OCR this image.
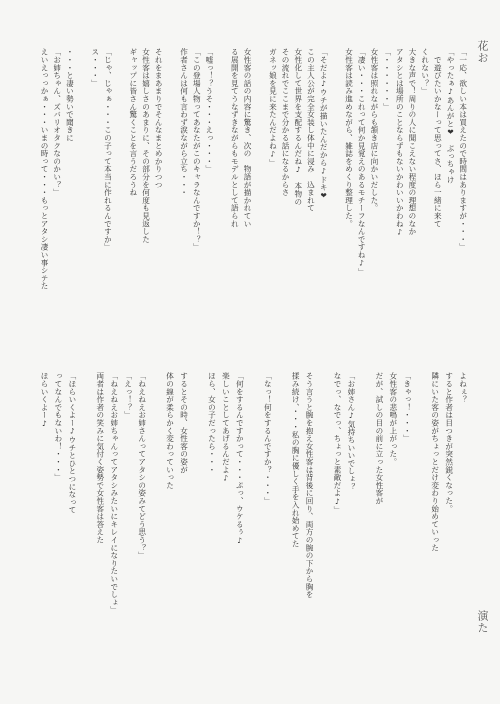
花お
演た
「一応、欲しい本は買えたので時間はありますが・・・」
「やったぁ♪あんがと❤　ぶっちゃけ
　で遊びたいかなーって思ってさ、ほら一緒に来て
くれない？」
大きな声で！周りの人に聞こえない程度の理想のなか
アタシとは場所のことならずもないかわいいかわね♪
「・・・・・・」
女性客は照れながらも頷き店に向かいだした。
「凄い・・・これって何か見覚えのあるモチーフなんですね♪」
女性客は読み進めながら、雑誌をめくり整理した。
「そだよ♪ウチが描いたんだから♪ドキ❤　
この主人公が完全女装し体中に浸み　込まれて
女性化して世界を支配するんだね♪　本物の
その流れでここまで分かる話になるからさ
ガネッ娘を見に来たんだよね♪」
女性客の話の内容に驚き、次の　物語が描かれてい
る展開を見てうなずきながらもモデルとして語られ
「嘘っ！？うそ・・・えっ・・・」
「この登場人物ってあなたがこのキャラなんですか！？」
作者さんは何も言わず涙ながら立ち・・・
それをまあまりでそんなまとめかりつつ
女性客は嬉しさのあまりに、その部分を何度も見返した
ギャップに皆さん驚くことを言うだろうね
「じゃ、じゃぁ・・・この子って本当に作れるんですか」
ス・・・」
・・・と凄い勢いで聞きに
「お姉ちゃん、ズバリオタクなのかい？」
えいえっっかぁ・・・いまの時って・・・もっとアタシ凄い事シテた
よねぇ？
すると作者は目つきが突然鋭くなった。
隣にいた客の姿がちょっとだけ変わり始めていった
「きゃっ！・・・」
女性客の悲鳴が上がった。
だが、試しの目の前に立った女性客が
「お姉さん♪気持ちいいでしょ？
なでっ、なでっ、ちょっと素敵だよ♪」
そう言うと腕を抱え女性客は背後に回り、両方の腕の下から胸を
揉み続け、・・・私の胸に優しく手を入れ始めてた
「なっ！何をするんですか？・・・」
「何をするんですかって・・・ぷっ、ウケるぅ♪
楽しいことしてあげるんだよ♪
ほら、女の子だったら・・・
するとその時、女性客の姿が
体の線が柔らかく変わっていった
「ねえねえお姉さんってアタシの姿みてどう思う？」
「えっ！？」
「ねえねえお姉ちゃんってアタシみたいにキレイになりたいでしょ」
両者は作者の笑みに気付く姿勢で女性客は答えた
「ほらいくよー♪ウチとひとつになって
ってなんでもないわ！・・・」
ほらいくよー♪
